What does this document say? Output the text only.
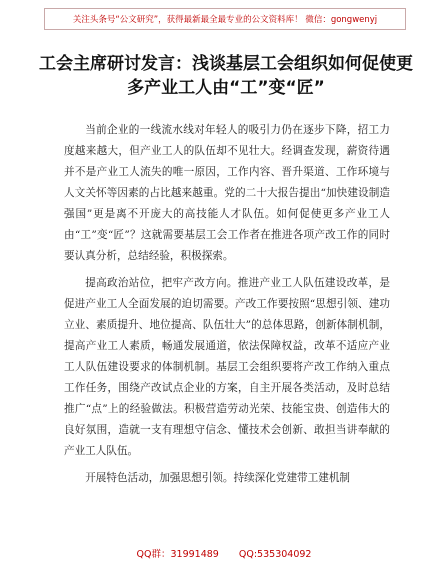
关注头条号“公文研究”，获得最新最全最专业的公文资料库！ 微信：gongwenyj
工会主席研讨发言：浅谈基层工会组织如何促使更多产业工人由“工”变“匠”

当前企业的一线流水线对年轻人的吸引力仍在逐步下降，招工力度越来越大，但产业工人的队伍却不见壮大。经调查发现，薪资待遇并不是产业工人流失的唯一原因，工作内容、晋升渠道、工作环境与人文关怀等因素的占比越来越重。党的二十大报告提出“加快建设制造强国”更是离不开庞大的高技能人才队伍。如何促使更多产业工人由“工”变“匠”？这就需要基层工会工作者在推进各项产改工作的同时要认真分析，总结经验，积极探索。

提高政治站位，把牢产改方向。推进产业工人队伍建设改革，是促进产业工人全面发展的迫切需要。产改工作要按照“思想引领、建功立业、素质提升、地位提高、队伍壮大”的总体思路，创新体制机制，提高产业工人素质，畅通发展通道，依法保障权益，改革不适应产业工人队伍建设要求的体制机制。基层工会组织要将产改工作纳入重点工作任务，围绕产改试点企业的方案，自主开展各类活动，及时总结推广“点”上的经验做法。积极营造劳动光荣、技能宝贵、创造伟大的良好氛围，造就一支有理想守信念、懂技术会创新、敢担当讲奉献的产业工人队伍。

开展特色活动，加强思想引领。持续深化党建带工建机制

QQ群：31991489 QQ:535304092
